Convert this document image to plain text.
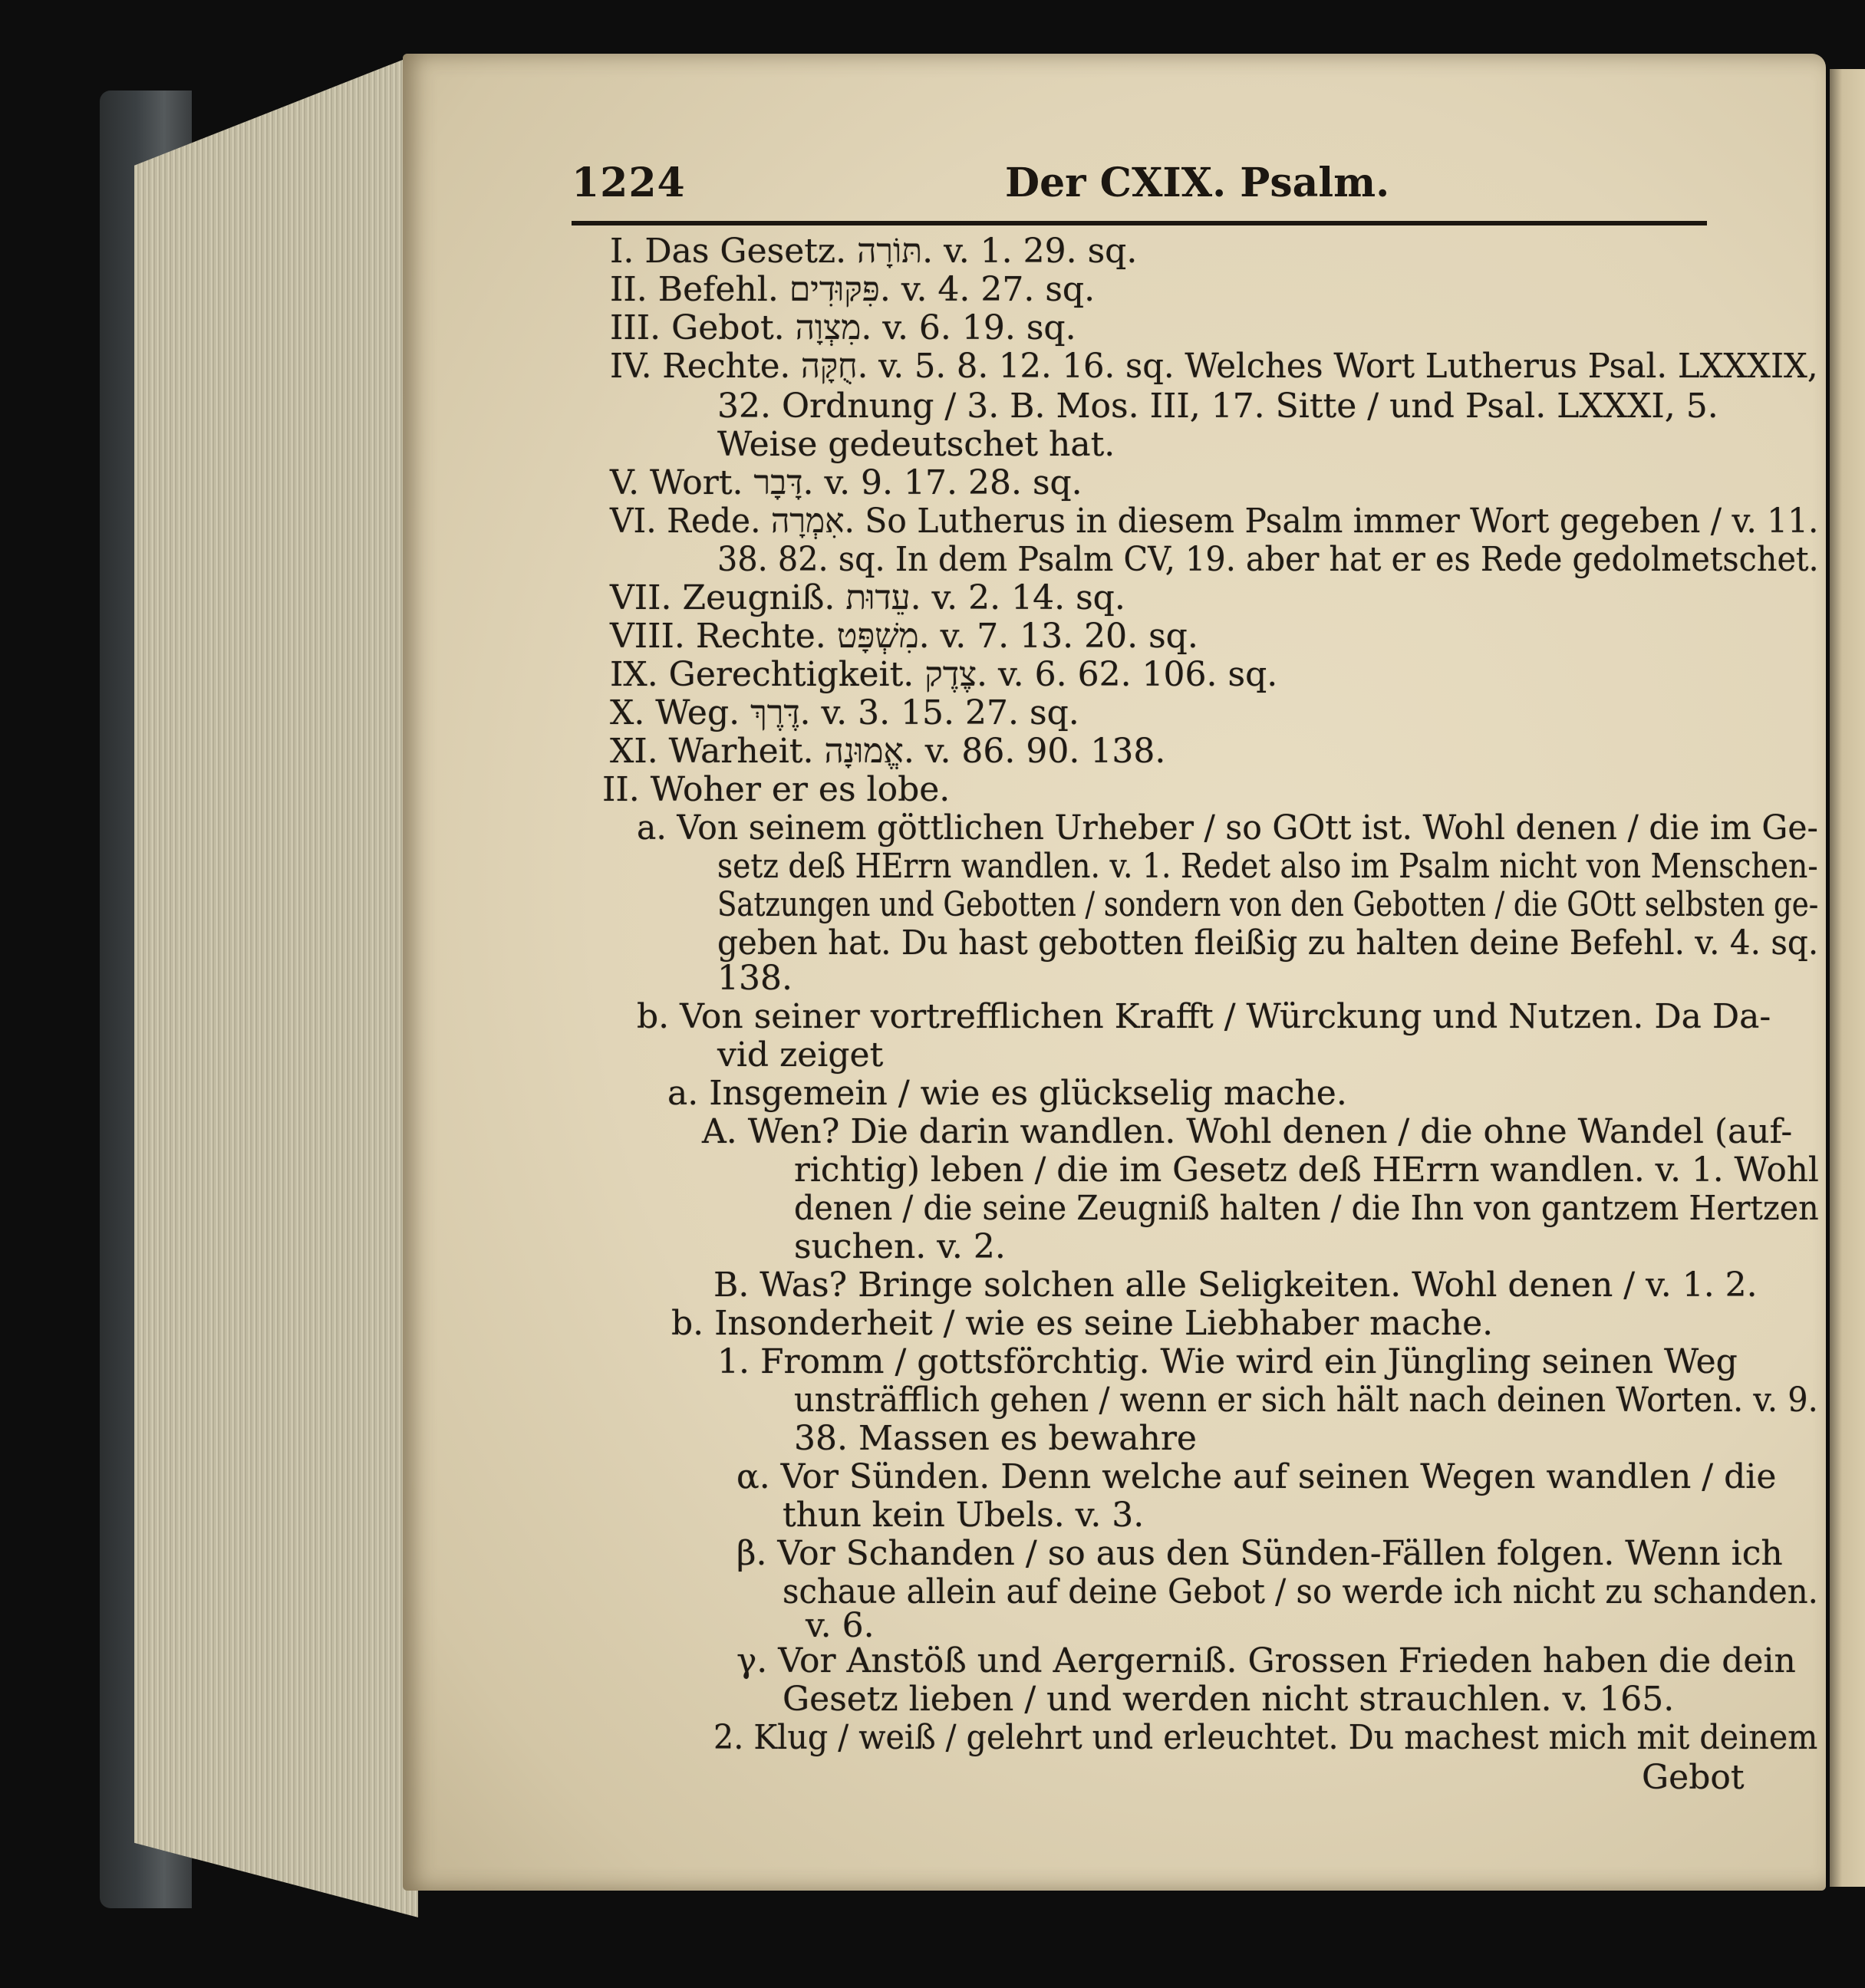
1224	Der CXIX. Psalm.
I. Das Gesetz. תּוֹרָה. v. 1. 29. sq.
II. Befehl. פִּקּוּדִים. v. 4. 27. sq.
III. Gebot. מִצְוָה. v. 6. 19. sq.
IV. Rechte. חֻקָּה. v. 5. 8. 12. 16. sq. Welches Wort Lutherus Psal. LXXXIX,
32. Ordnung / 3. B. Mos. III, 17. Sitte / und Psal. LXXXI, 5.
Weise gedeutschet hat.
V. Wort. דָּבָר. v. 9. 17. 28. sq.
VI. Rede. אִמְרָה. So Lutherus in diesem Psalm immer Wort gegeben / v. 11.
38. 82. sq. In dem Psalm CV, 19. aber hat er es Rede gedolmetschet.
VII. Zeugniß. עֵדוּת. v. 2. 14. sq.
VIII. Rechte. מִשְׁפָּט. v. 7. 13. 20. sq.
IX. Gerechtigkeit. צֶדֶק. v. 6. 62. 106. sq.
X. Weg. דֶּרֶךְ. v. 3. 15. 27. sq.
XI. Warheit. אֱמוּנָה. v. 86. 90. 138.
II. Woher er es lobe.
a. Von seinem göttlichen Urheber / so GOtt ist. Wohl denen / die im Ge-
setz deß HErrn wandlen. v. 1. Redet also im Psalm nicht von Menschen-
Satzungen und Gebotten / sondern von den Gebotten / die GOtt selbsten ge-
geben hat. Du hast gebotten fleißig zu halten deine Befehl. v. 4. sq.
138.
b. Von seiner vortrefflichen Krafft / Würckung und Nutzen. Da Da-
vid zeiget
a. Insgemein / wie es glückselig mache.
A. Wen? Die darin wandlen. Wohl denen / die ohne Wandel (auf-
richtig) leben / die im Gesetz deß HErrn wandlen. v. 1. Wohl
denen / die seine Zeugniß halten / die Ihn von gantzem Hertzen
suchen. v. 2.
B. Was? Bringe solchen alle Seligkeiten. Wohl denen / v. 1. 2.
b. Insonderheit / wie es seine Liebhaber mache.
1. Fromm / gottsförchtig. Wie wird ein Jüngling seinen Weg
unsträfflich gehen / wenn er sich hält nach deinen Worten. v. 9.
38. Massen es bewahre
α. Vor Sünden. Denn welche auf seinen Wegen wandlen / die
thun kein Ubels. v. 3.
β. Vor Schanden / so aus den Sünden-Fällen folgen. Wenn ich
schaue allein auf deine Gebot / so werde ich nicht zu schanden.
v. 6.
γ. Vor Anstöß und Aergerniß. Grossen Frieden haben die dein
Gesetz lieben / und werden nicht strauchlen. v. 165.
2. Klug / weiß / gelehrt und erleuchtet. Du machest mich mit deinem
Gebot
